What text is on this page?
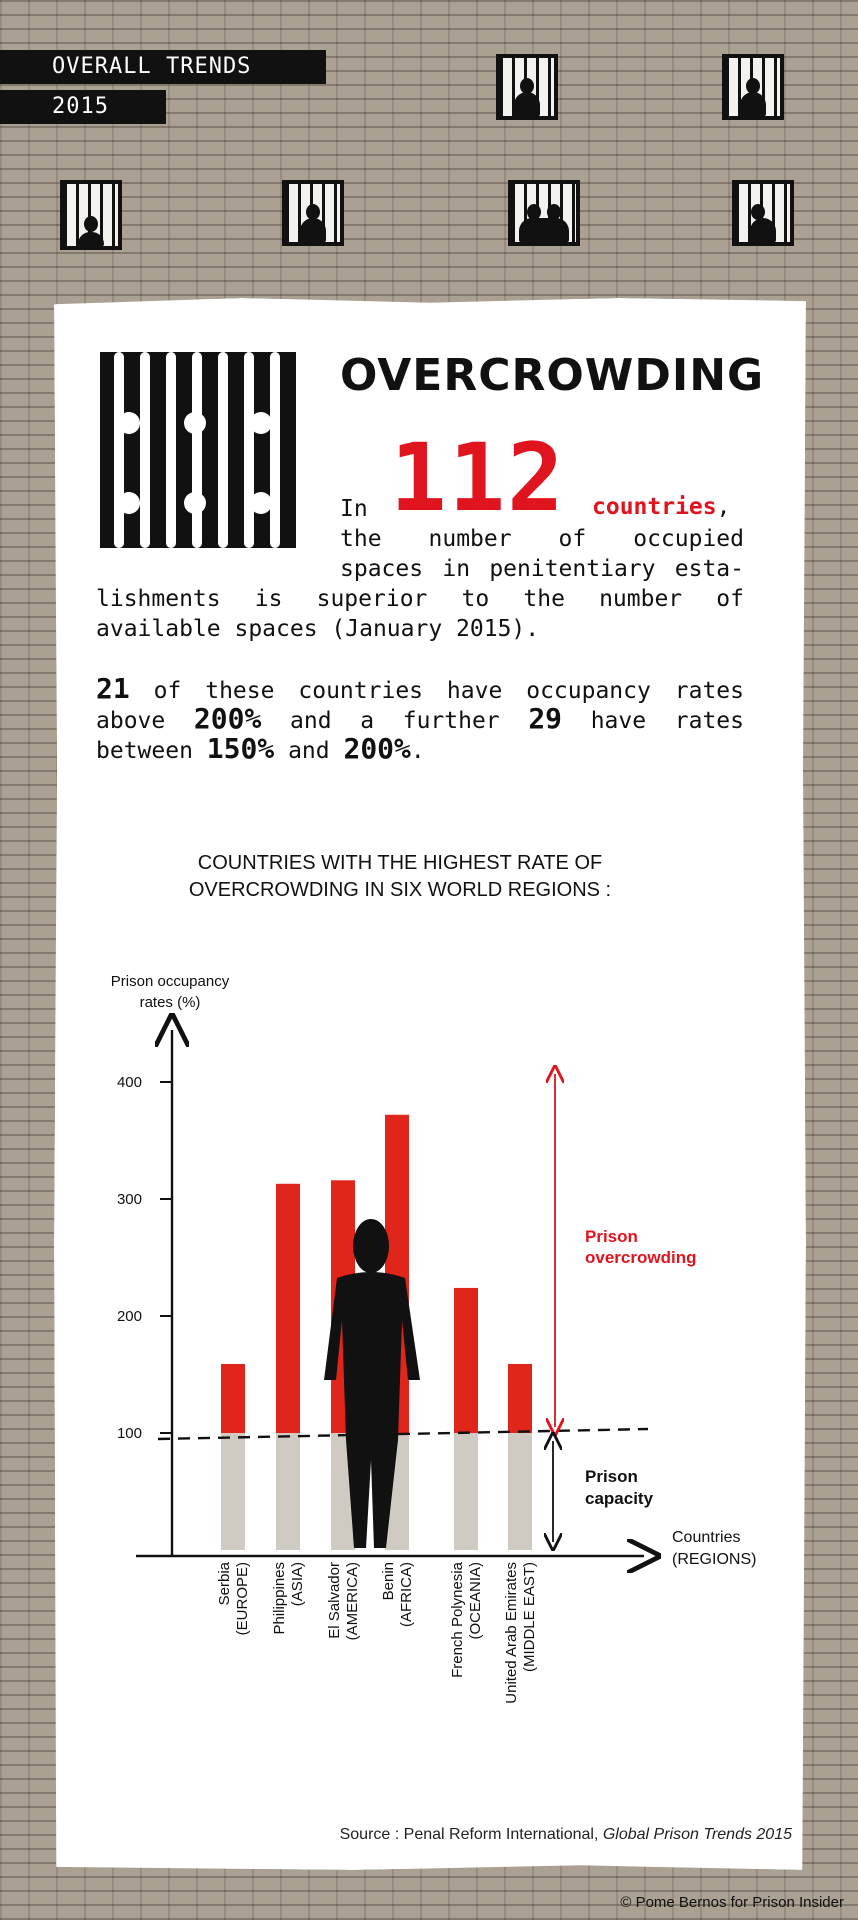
OVERALL TRENDS
2015
OVERCROWDING
In 112 countries,
the number of occupied
spaces in penitentiary esta-
lishments is superior to the number of
available spaces (January 2015).
21 of these countries have occupancy rates
above 200% and a further 29 have rates
between 150% and 200%.
COUNTRIES WITH THE HIGHEST RATE OF
OVERCROWDING IN SIX WORLD REGIONS :
100
200
300
400
Prison occupancy
rates (%)
Countries
(REGIONS)
Serbia (EUROPE) Philippines (ASIA) El Salvador (AMERICA) Benin (AFRICA) French Polynesia (OCEANIA) United Arab Emirates (MIDDLE EAST)
Prison
overcrowding
Prison
capacity
Source : Penal Reform International, Global Prison Trends 2015
© Pome Bernos for Prison Insider
